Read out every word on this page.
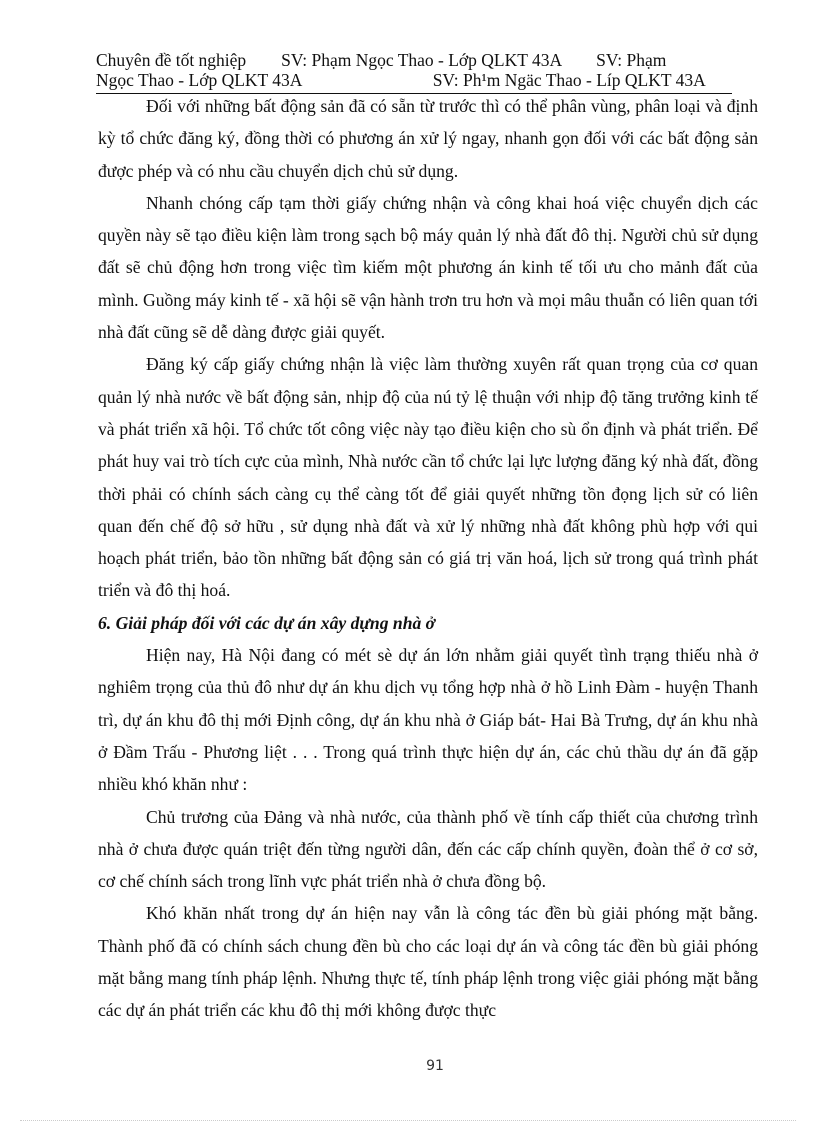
Chuyên đề tốt nghiệp        SV: Phạm Ngọc Thao - Lớp QLKT 43A        SV: Phạm
Ngọc Thao - Lớp QLKT 43A                              SV: Ph¹m Ngäc Thao - Líp QLKT 43A

Đối với những bất động sản đã có sẵn từ trước thì có thể phân vùng, phân loại và định kỳ tổ chức đăng ký, đồng thời có phương án xử lý ngay, nhanh gọn đối với các bất động sản được phép và có nhu cầu chuyển dịch chủ sử dụng.

Nhanh chóng cấp tạm thời giấy chứng nhận và công khai hoá việc chuyển dịch các quyền này sẽ tạo điều kiện làm trong sạch bộ máy quản lý nhà đất đô thị. Người chủ sử dụng đất sẽ chủ động hơn trong việc tìm kiếm một phương án kinh tế tối ưu cho mảnh đất của mình. Guồng máy kinh tế - xã hội sẽ vận hành trơn tru hơn và mọi mâu thuẫn có liên quan tới nhà đất cũng sẽ dễ dàng được giải quyết.

Đăng ký cấp giấy chứng nhận là việc làm thường xuyên rất quan trọng của cơ quan quản lý nhà nước về bất động sản, nhịp độ của nú tỷ lệ thuận với nhịp độ tăng trưởng kinh tế và phát triển xã hội. Tổ chức tốt công việc này tạo điều kiện cho sù ổn định và phát triển. Để phát huy vai trò tích cực của mình, Nhà nước cần tổ chức lại lực lượng đăng ký nhà đất, đồng thời phải có chính sách càng cụ thể càng tốt để giải quyết những tồn đọng lịch sử có liên quan đến chế độ sở hữu , sử dụng nhà đất và xử lý những nhà đất không phù hợp với qui hoạch phát triển, bảo tồn những bất động sản có giá trị văn hoá, lịch sử trong quá trình phát triển và đô thị hoá.

6. Giải pháp đối với các dự án xây dựng nhà ở

Hiện nay, Hà Nội đang có mét sè dự án lớn nhằm giải quyết tình trạng thiếu nhà ở nghiêm trọng của thủ đô như dự án khu dịch vụ tổng hợp nhà ở hồ Linh Đàm - huyện Thanh trì, dự án khu đô thị mới Định công, dự án khu nhà ở Giáp bát- Hai Bà Trưng, dự án khu nhà ở Đầm Trấu - Phương liệt . . . Trong quá trình thực hiện dự án, các chủ thầu dự án đã gặp nhiều khó khăn như :

Chủ trương của Đảng và nhà nước, của thành phố về tính cấp thiết của chương trình nhà ở chưa được quán triệt đến từng người dân, đến các cấp chính quyền, đoàn thể ở cơ sở, cơ chế chính sách trong lĩnh vực phát triển nhà ở chưa đồng bộ.

Khó khăn nhất trong dự án hiện nay vẫn là công tác đền bù giải phóng mặt bằng. Thành phố đã có chính sách chung đền bù cho các loại dự án và công tác đền bù giải phóng mặt bằng mang tính pháp lệnh. Nhưng thực tế, tính pháp lệnh trong việc giải phóng mặt bằng các dự án phát triển các khu đô thị mới không được thực

91
